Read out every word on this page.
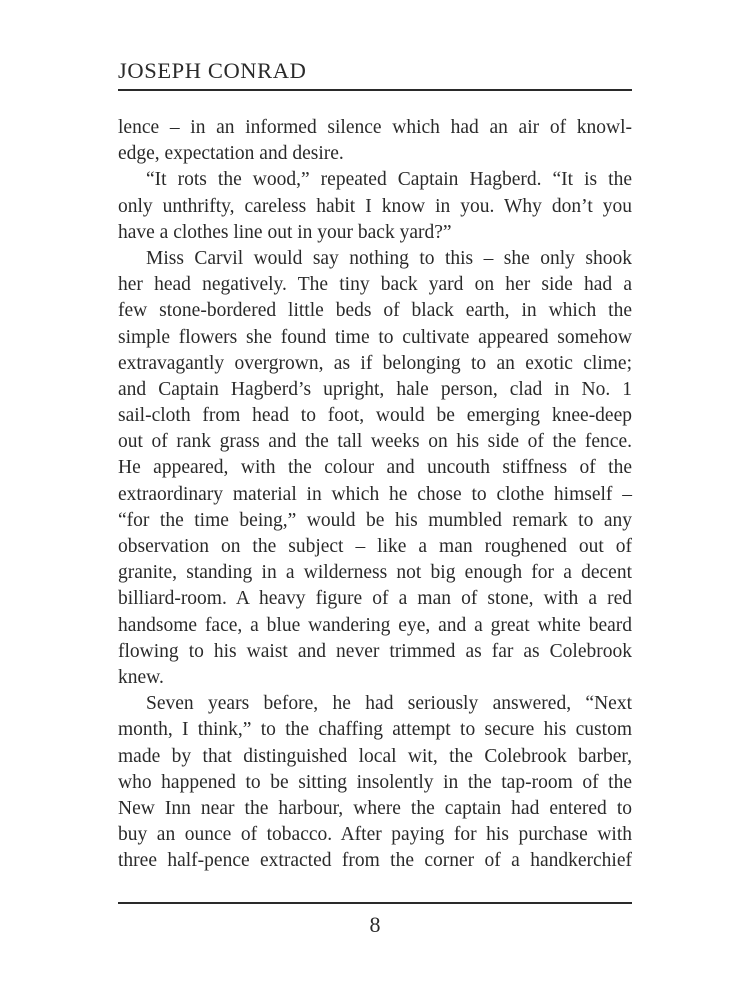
JOSEPH CONRAD
lence – in an informed silence which had an air of knowl-
edge, expectation and desire.
“It rots the wood,” repeated Captain Hagberd. “It is the
only unthrifty, careless habit I know in you. Why don’t you
have a clothes line out in your back yard?”
Miss Carvil would say nothing to this – she only shook
her head negatively. The tiny back yard on her side had a
few stone-bordered little beds of black earth, in which the
simple flowers she found time to cultivate appeared somehow
extravagantly overgrown, as if belonging to an exotic clime;
and Captain Hagberd’s upright, hale person, clad in No. 1
sail-cloth from head to foot, would be emerging knee-deep
out of rank grass and the tall weeks on his side of the fence.
He appeared, with the colour and uncouth stiffness of the
extraordinary material in which he chose to clothe himself –
“for the time being,” would be his mumbled remark to any
observation on the subject – like a man roughened out of
granite, standing in a wilderness not big enough for a decent
billiard-room. A heavy figure of a man of stone, with a red
handsome face, a blue wandering eye, and a great white beard
flowing to his waist and never trimmed as far as Colebrook
knew.
Seven years before, he had seriously answered, “Next
month, I think,” to the chaffing attempt to secure his custom
made by that distinguished local wit, the Colebrook barber,
who happened to be sitting insolently in the tap-room of the
New Inn near the harbour, where the captain had entered to
buy an ounce of tobacco. After paying for his purchase with
three half-pence extracted from the corner of a handkerchief
8
